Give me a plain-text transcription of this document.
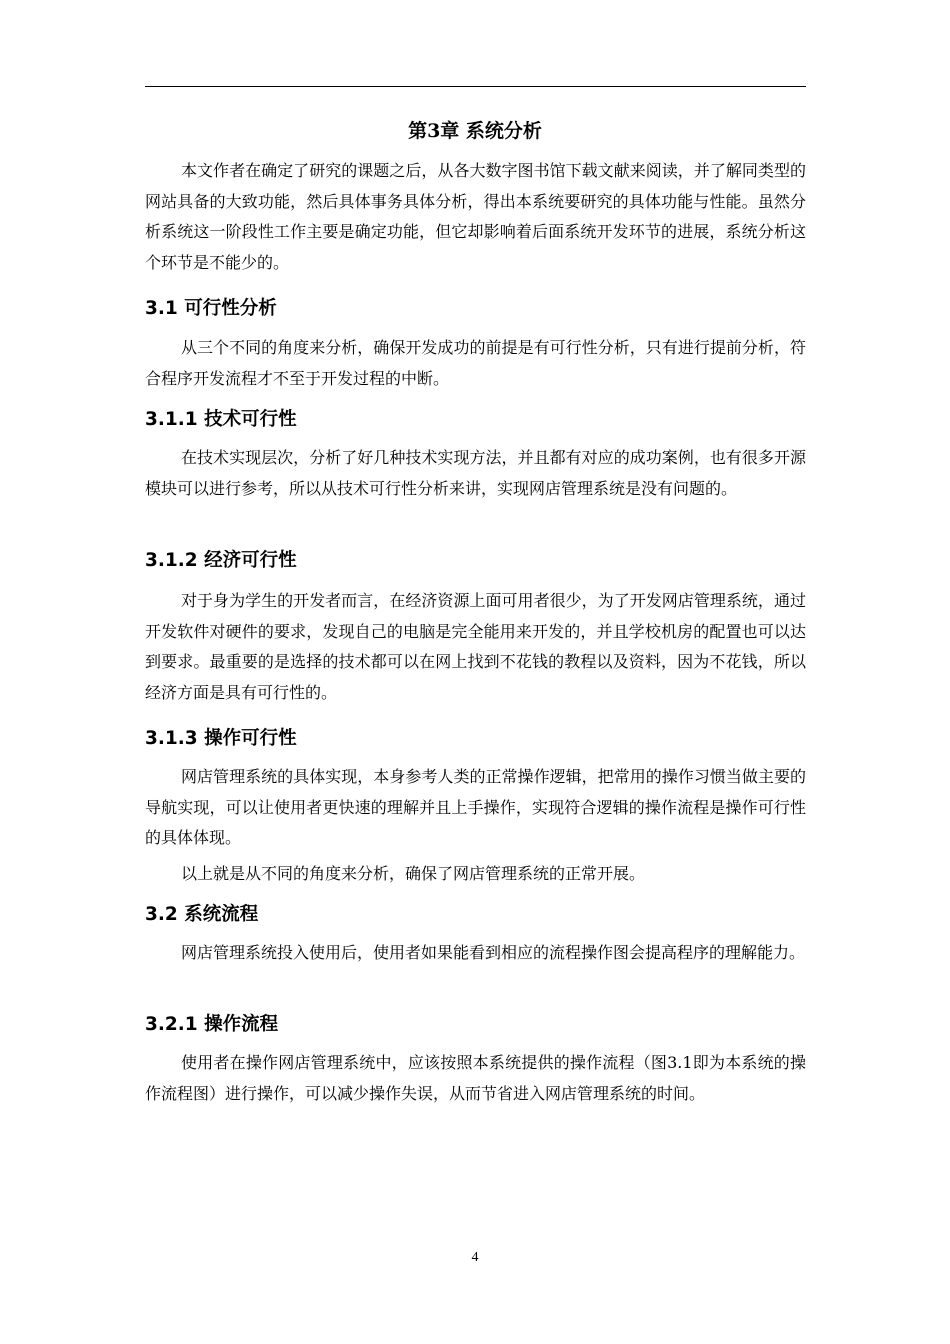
第3章 系统分析

本文作者在确定了研究的课题之后，从各大数字图书馆下载文献来阅读，并了解同类型的网站具备的大致功能，然后具体事务具体分析，得出本系统要研究的具体功能与性能。虽然分析系统这一阶段性工作主要是确定功能，但它却影响着后面系统开发环节的进展，系统分析这个环节是不能少的。

3.1 可行性分析

从三个不同的角度来分析，确保开发成功的前提是有可行性分析，只有进行提前分析，符合程序开发流程才不至于开发过程的中断。

3.1.1 技术可行性

在技术实现层次，分析了好几种技术实现方法，并且都有对应的成功案例，也有很多开源模块可以进行参考，所以从技术可行性分析来讲，实现网店管理系统是没有问题的。

3.1.2 经济可行性

对于身为学生的开发者而言，在经济资源上面可用者很少，为了开发网店管理系统，通过开发软件对硬件的要求，发现自己的电脑是完全能用来开发的，并且学校机房的配置也可以达到要求。最重要的是选择的技术都可以在网上找到不花钱的教程以及资料，因为不花钱，所以经济方面是具有可行性的。

3.1.3 操作可行性

网店管理系统的具体实现，本身参考人类的正常操作逻辑，把常用的操作习惯当做主要的导航实现，可以让使用者更快速的理解并且上手操作，实现符合逻辑的操作流程是操作可行性的具体体现。

以上就是从不同的角度来分析，确保了网店管理系统的正常开展。

3.2 系统流程

网店管理系统投入使用后，使用者如果能看到相应的流程操作图会提高程序的理解能力。

3.2.1 操作流程

使用者在操作网店管理系统中，应该按照本系统提供的操作流程（图3.1即为本系统的操作流程图）进行操作，可以减少操作失误，从而节省进入网店管理系统的时间。

4
